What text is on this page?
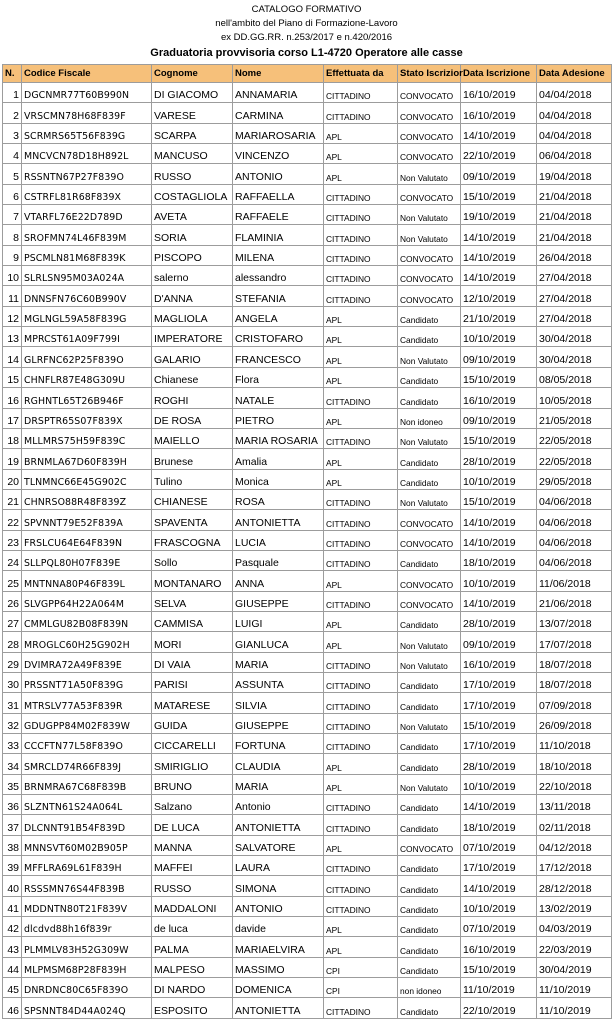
CATALOGO FORMATIVO
nell'ambito del Piano di Formazione-Lavoro
ex DD.GG.RR. n.253/2017 e n.420/2016
Graduatoria provvisoria corso L1-4720 Operatore alle casse
N.	Codice Fiscale	Cognome	Nome	Effettuata da	Stato Iscrizior	Data Iscrizione	Data Adesione
1	DGCNMR77T60B990N	DI GIACOMO	ANNAMARIA	CITTADINO	CONVOCATO	16/10/2019	04/04/2018
2	VRSCMN78H68F839F	VARESE	CARMINA	CITTADINO	CONVOCATO	16/10/2019	04/04/2018
3	SCRMRS65T56F839G	SCARPA	MARIAROSARIA	APL	CONVOCATO	14/10/2019	04/04/2018
4	MNCVCN78D18H892L	MANCUSO	VINCENZO	APL	CONVOCATO	22/10/2019	06/04/2018
5	RSSNTN67P27F839O	RUSSO	ANTONIO	APL	Non Valutato	09/10/2019	19/04/2018
6	CSTRFL81R68F839X	COSTAGLIOLA	RAFFAELLA	CITTADINO	CONVOCATO	15/10/2019	21/04/2018
7	VTARFL76E22D789D	AVETA	RAFFAELE	CITTADINO	Non Valutato	19/10/2019	21/04/2018
8	SROFMN74L46F839M	SORIA	FLAMINIA	CITTADINO	Non Valutato	14/10/2019	21/04/2018
9	PSCMLN81M68F839K	PISCOPO	MILENA	CITTADINO	CONVOCATO	14/10/2019	26/04/2018
10	SLRLSN95M03A024A	salerno	alessandro	CITTADINO	CONVOCATO	14/10/2019	27/04/2018
11	DNNSFN76C60B990V	D'ANNA	STEFANIA	CITTADINO	CONVOCATO	12/10/2019	27/04/2018
12	MGLNGL59A58F839G	MAGLIOLA	ANGELA	APL	Candidato	21/10/2019	27/04/2018
13	MPRCST61A09F799I	IMPERATORE	CRISTOFARO	APL	Candidato	10/10/2019	30/04/2018
14	GLRFNC62P25F839O	GALARIO	FRANCESCO	APL	Non Valutato	09/10/2019	30/04/2018
15	CHNFLR87E48G309U	Chianese	Flora	APL	Candidato	15/10/2019	08/05/2018
16	RGHNTL65T26B946F	ROGHI	NATALE	CITTADINO	Candidato	16/10/2019	10/05/2018
17	DRSPTR65S07F839X	DE ROSA	PIETRO	APL	Non idoneo	09/10/2019	21/05/2018
18	MLLMRS75H59F839C	MAIELLO	MARIA ROSARIA	CITTADINO	Non Valutato	15/10/2019	22/05/2018
19	BRNMLA67D60F839H	Brunese	Amalia	APL	Candidato	28/10/2019	22/05/2018
20	TLNMNC66E45G902C	Tulino	Monica	APL	Candidato	10/10/2019	29/05/2018
21	CHNRSO88R48F839Z	CHIANESE	ROSA	CITTADINO	Non Valutato	15/10/2019	04/06/2018
22	SPVNNT79E52F839A	SPAVENTA	ANTONIETTA	CITTADINO	CONVOCATO	14/10/2019	04/06/2018
23	FRSLCU64E64F839N	FRASCOGNA	LUCIA	CITTADINO	CONVOCATO	14/10/2019	04/06/2018
24	SLLPQL80H07F839E	Sollo	Pasquale	CITTADINO	Candidato	18/10/2019	04/06/2018
25	MNTNNA80P46F839L	MONTANARO	ANNA	APL	CONVOCATO	10/10/2019	11/06/2018
26	SLVGPP64H22A064M	SELVA	GIUSEPPE	CITTADINO	CONVOCATO	14/10/2019	21/06/2018
27	CMMLGU82B08F839N	CAMMISA	LUIGI	APL	Candidato	28/10/2019	13/07/2018
28	MROGLC60H25G902H	MORI	GIANLUCA	APL	Non Valutato	09/10/2019	17/07/2018
29	DVIMRA72A49F839E	DI VAIA	MARIA	CITTADINO	Non Valutato	16/10/2019	18/07/2018
30	PRSSNT71A50F839G	PARISI	ASSUNTA	CITTADINO	Candidato	17/10/2019	18/07/2018
31	MTRSLV77A53F839R	MATARESE	SILVIA	CITTADINO	Candidato	17/10/2019	07/09/2018
32	GDUGPP84M02F839W	GUIDA	GIUSEPPE	CITTADINO	Non Valutato	15/10/2019	26/09/2018
33	CCCFTN77L58F839O	CICCARELLI	FORTUNA	CITTADINO	Candidato	17/10/2019	11/10/2018
34	SMRCLD74R66F839J	SMIRIGLIO	CLAUDIA	APL	Candidato	28/10/2019	18/10/2018
35	BRNMRA67C68F839B	BRUNO	MARIA	APL	Non Valutato	10/10/2019	22/10/2018
36	SLZNTN61S24A064L	Salzano	Antonio	CITTADINO	Candidato	14/10/2019	13/11/2018
37	DLCNNT91B54F839D	DE LUCA	ANTONIETTA	CITTADINO	Candidato	18/10/2019	02/11/2018
38	MNNSVT60M02B905P	MANNA	SALVATORE	APL	CONVOCATO	07/10/2019	04/12/2018
39	MFFLRA69L61F839H	MAFFEI	LAURA	CITTADINO	Candidato	17/10/2019	17/12/2018
40	RSSSMN76S44F839B	RUSSO	SIMONA	CITTADINO	Candidato	14/10/2019	28/12/2018
41	MDDNTN80T21F839V	MADDALONI	ANTONIO	CITTADINO	Candidato	10/10/2019	13/02/2019
42	dlcdvd88h16f839r	de luca	davide	APL	Candidato	07/10/2019	04/03/2019
43	PLMMLV83H52G309W	PALMA	MARIAELVIRA	APL	Candidato	16/10/2019	22/03/2019
44	MLPMSM68P28F839H	MALPESO	MASSIMO	CPI	Candidato	15/10/2019	30/04/2019
45	DNRDNC80C65F839O	DI NARDO	DOMENICA	CPI	non idoneo	11/10/2019	11/10/2019
46	SPSNNT84D44A024Q	ESPOSITO	ANTONIETTA	CITTADINO	Candidato	22/10/2019	11/10/2019
